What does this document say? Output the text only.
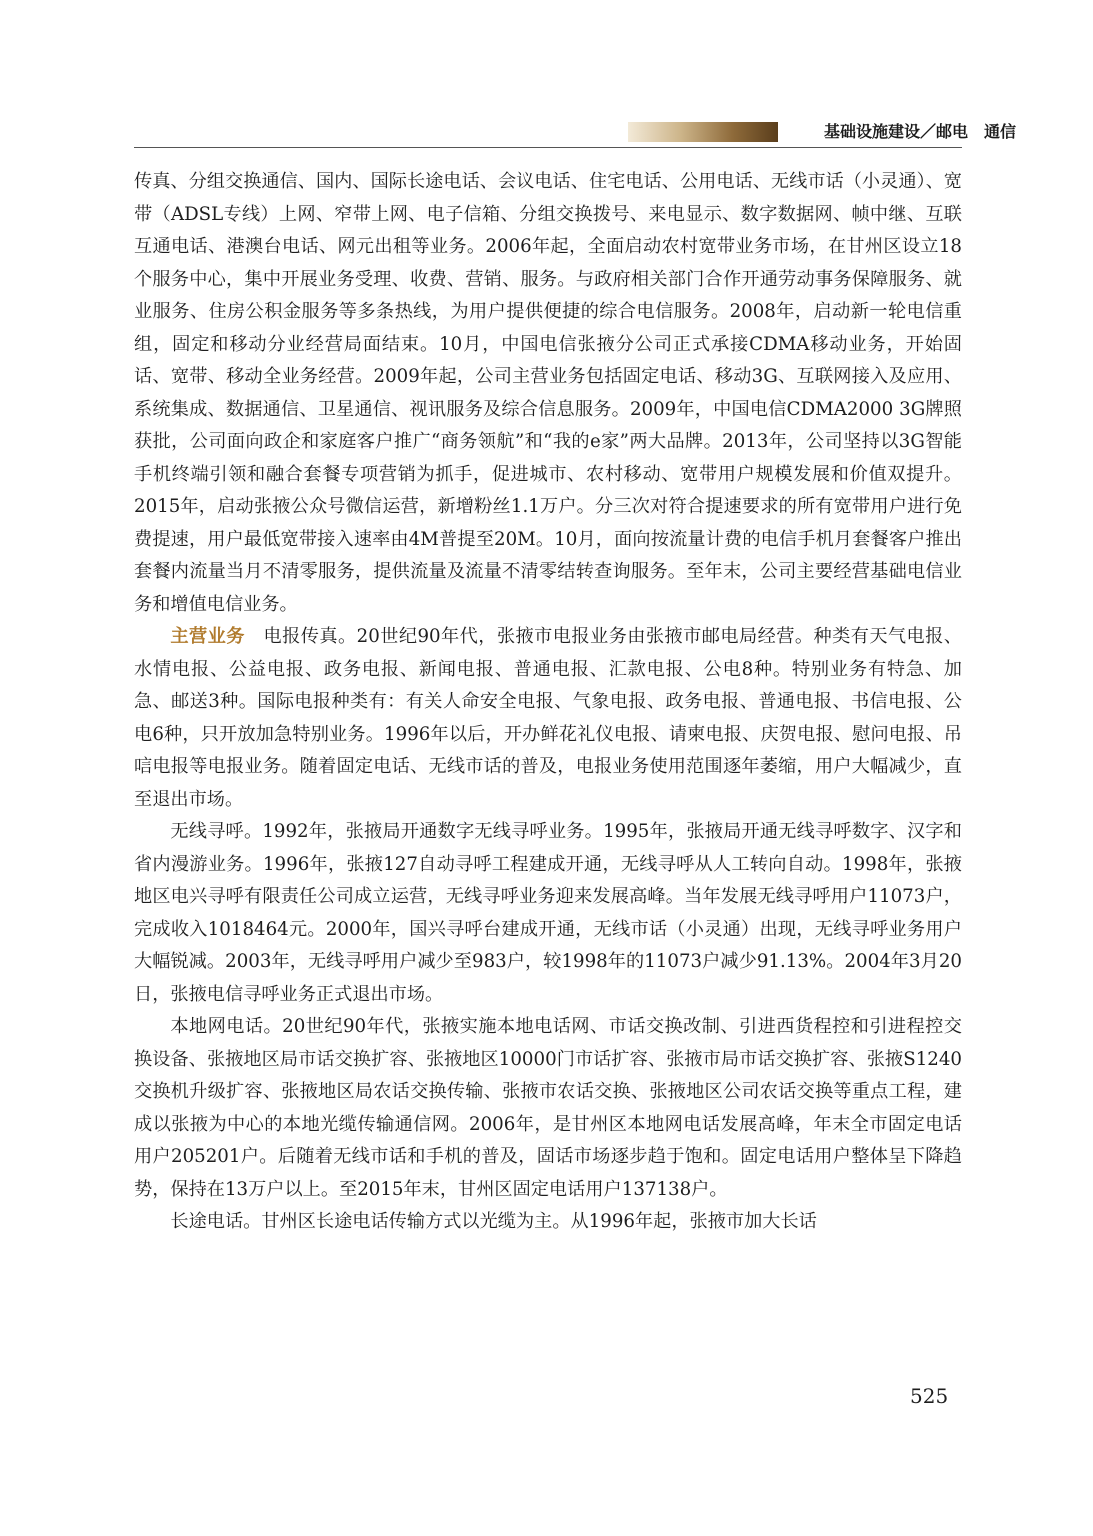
基础设施建设／邮电　通信

传真、分组交换通信、国内、国际长途电话、会议电话、住宅电话、公用电话、无线市话（小灵通）、宽带（ADSL专线）上网、窄带上网、电子信箱、分组交换拨号、来电显示、数字数据网、帧中继、互联互通电话、港澳台电话、网元出租等业务。2006年起，全面启动农村宽带业务市场，在甘州区设立18个服务中心，集中开展业务受理、收费、营销、服务。与政府相关部门合作开通劳动事务保障服务、就业服务、住房公积金服务等多条热线，为用户提供便捷的综合电信服务。2008年，启动新一轮电信重组，固定和移动分业经营局面结束。10月，中国电信张掖分公司正式承接CDMA移动业务，开始固话、宽带、移动全业务经营。2009年起，公司主营业务包括固定电话、移动3G、互联网接入及应用、系统集成、数据通信、卫星通信、视讯服务及综合信息服务。2009年，中国电信CDMA2000 3G牌照获批，公司面向政企和家庭客户推广“商务领航”和“我的e家”两大品牌。2013年，公司坚持以3G智能手机终端引领和融合套餐专项营销为抓手，促进城市、农村移动、宽带用户规模发展和价值双提升。2015年，启动张掖公众号微信运营，新增粉丝1.1万户。分三次对符合提速要求的所有宽带用户进行免费提速，用户最低宽带接入速率由4M普提至20M。10月，面向按流量计费的电信手机月套餐客户推出套餐内流量当月不清零服务，提供流量及流量不清零结转查询服务。至年末，公司主要经营基础电信业务和增值电信业务。

主营业务　电报传真。20世纪90年代，张掖市电报业务由张掖市邮电局经营。种类有天气电报、水情电报、公益电报、政务电报、新闻电报、普通电报、汇款电报、公电8种。特别业务有特急、加急、邮送3种。国际电报种类有：有关人命安全电报、气象电报、政务电报、普通电报、书信电报、公电6种，只开放加急特别业务。1996年以后，开办鲜花礼仪电报、请柬电报、庆贺电报、慰问电报、吊唁电报等电报业务。随着固定电话、无线市话的普及，电报业务使用范围逐年萎缩，用户大幅减少，直至退出市场。

无线寻呼。1992年，张掖局开通数字无线寻呼业务。1995年，张掖局开通无线寻呼数字、汉字和省内漫游业务。1996年，张掖127自动寻呼工程建成开通，无线寻呼从人工转向自动。1998年，张掖地区电兴寻呼有限责任公司成立运营，无线寻呼业务迎来发展高峰。当年发展无线寻呼用户11073户，完成收入1018464元。2000年，国兴寻呼台建成开通，无线市话（小灵通）出现，无线寻呼业务用户大幅锐减。2003年，无线寻呼用户减少至983户，较1998年的11073户减少91.13%。2004年3月20日，张掖电信寻呼业务正式退出市场。

本地网电话。20世纪90年代，张掖实施本地电话网、市话交换改制、引进西货程控和引进程控交换设备、张掖地区局市话交换扩容、张掖地区10000门市话扩容、张掖市局市话交换扩容、张掖S1240交换机升级扩容、张掖地区局农话交换传输、张掖市农话交换、张掖地区公司农话交换等重点工程，建成以张掖为中心的本地光缆传输通信网。2006年，是甘州区本地网电话发展高峰，年末全市固定电话用户205201户。后随着无线市话和手机的普及，固话市场逐步趋于饱和。固定电话用户整体呈下降趋势，保持在13万户以上。至2015年末，甘州区固定电话用户137138户。

长途电话。甘州区长途电话传输方式以光缆为主。从1996年起，张掖市加大长话

525
